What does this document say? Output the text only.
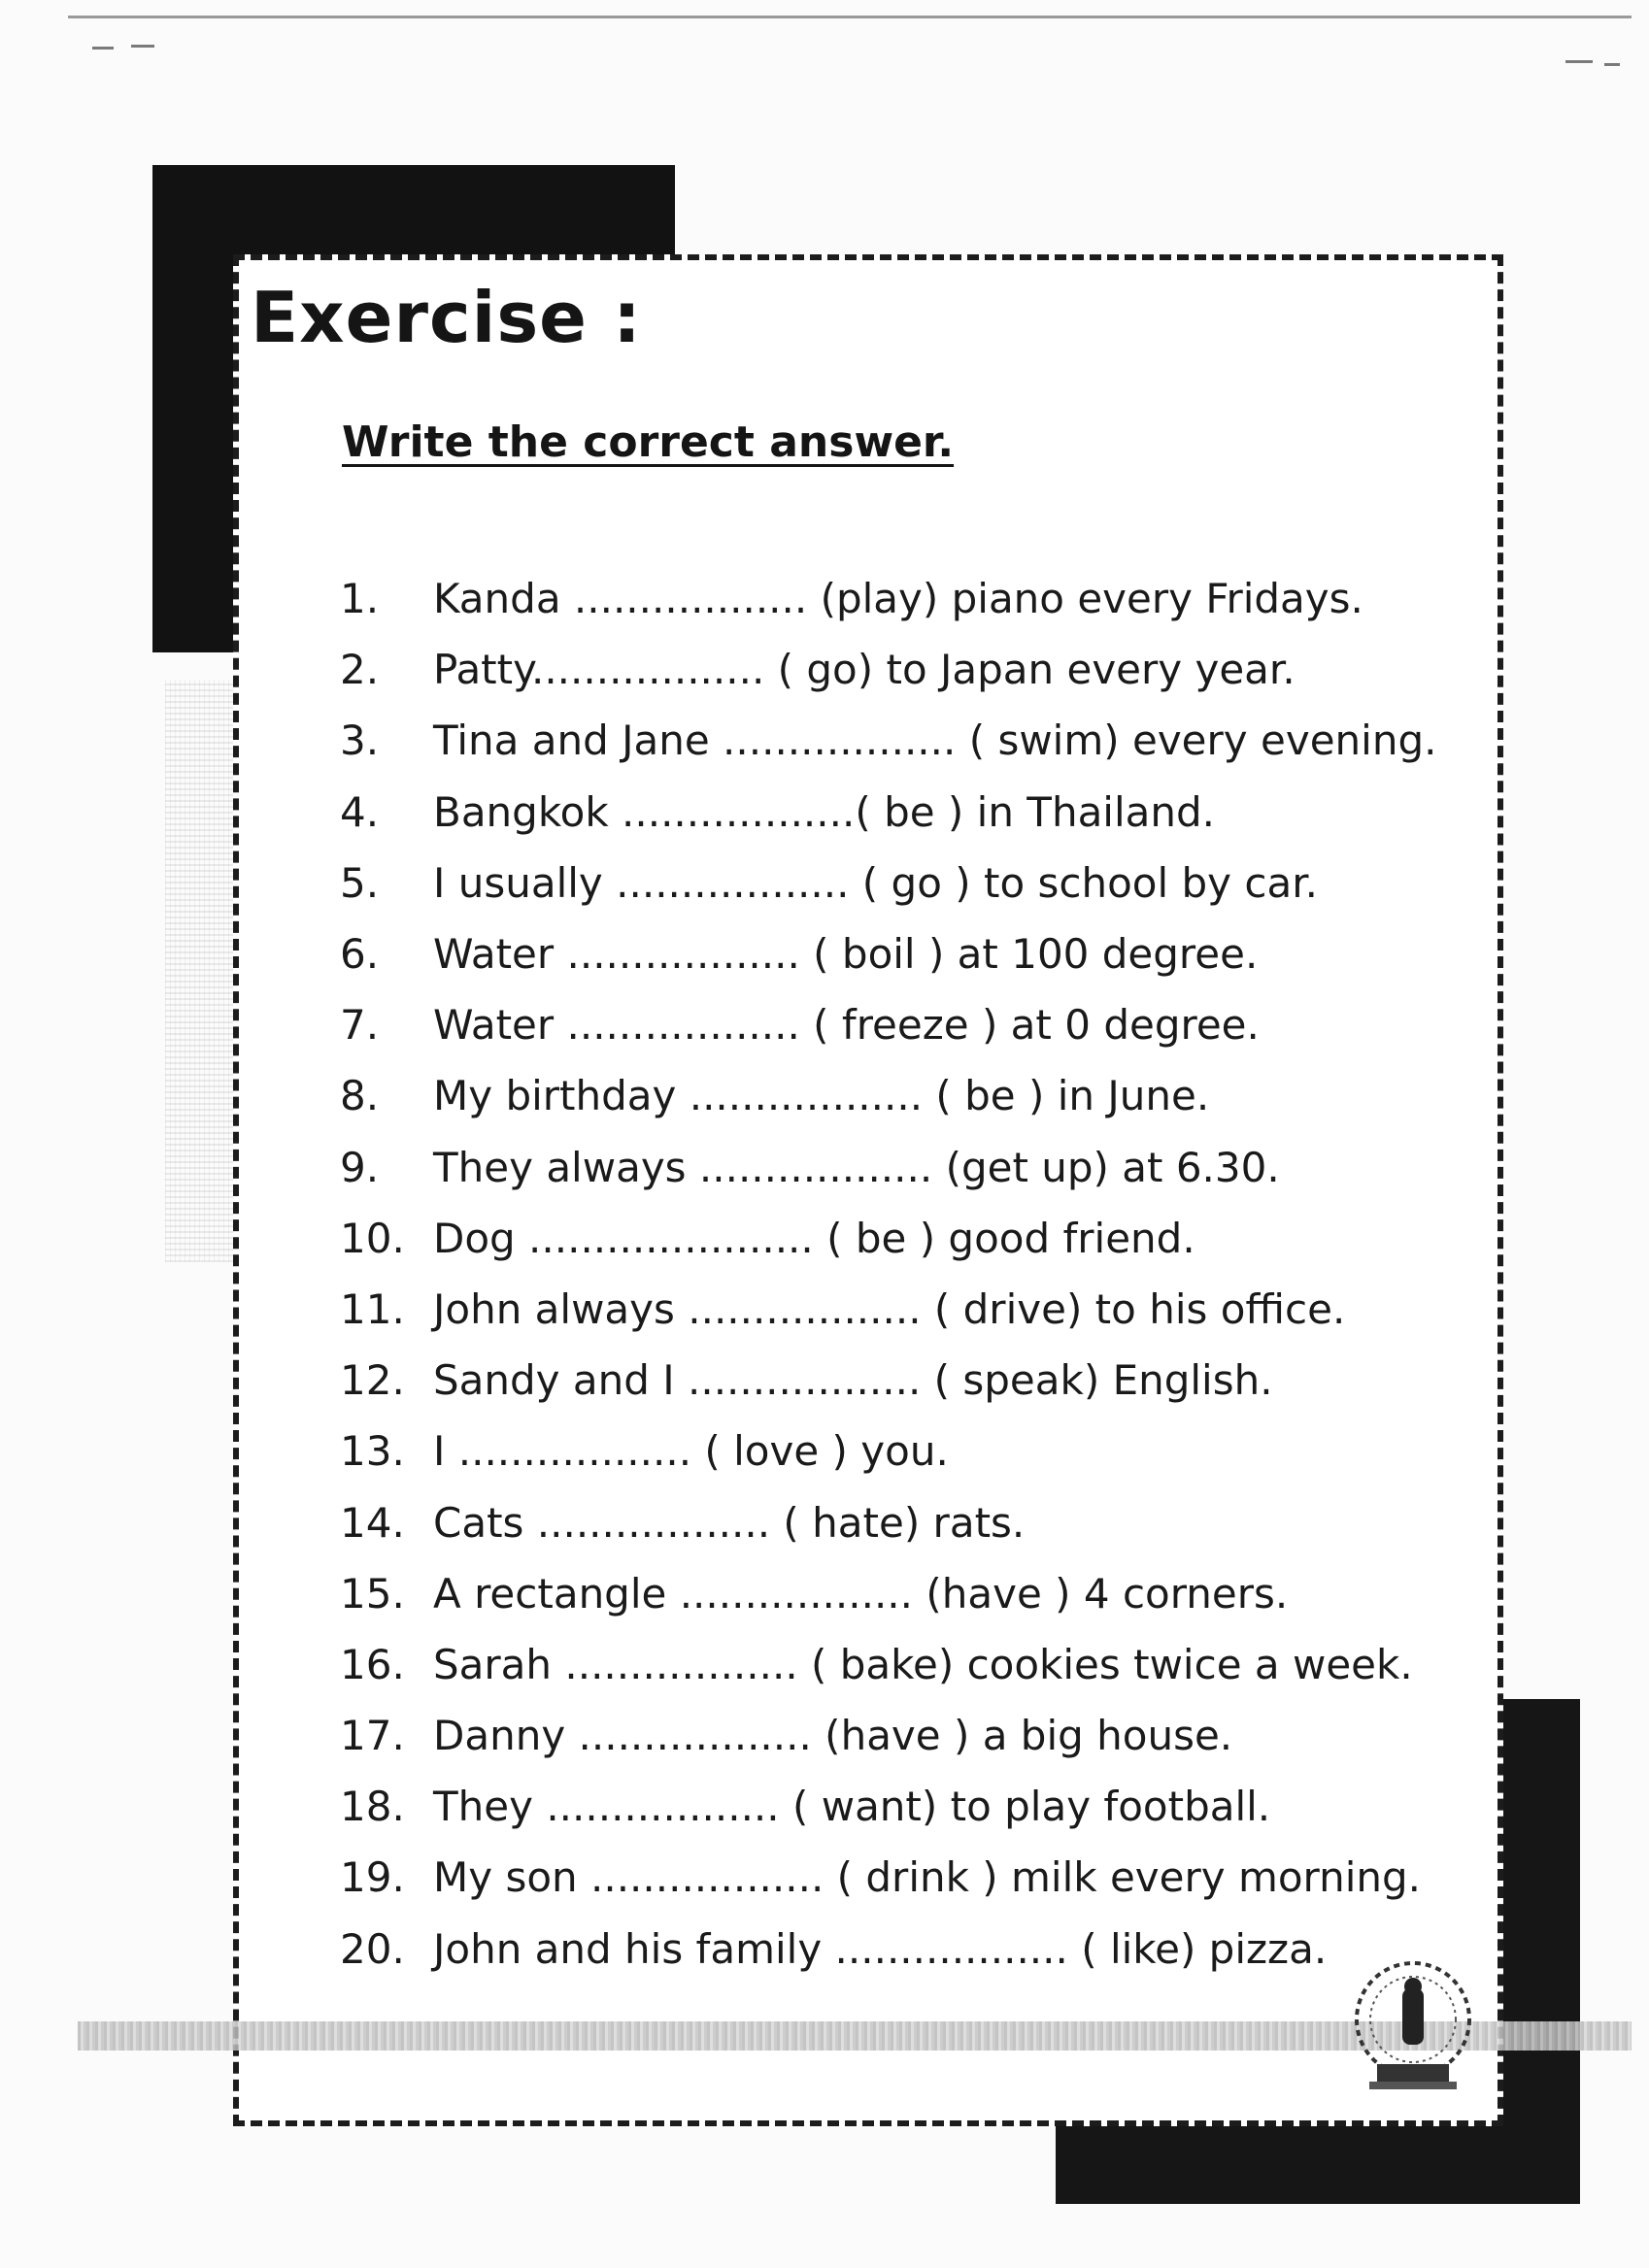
Exercise :
Write the correct answer.
1.	Kanda .................. (play) piano every Fridays.
2.	Patty.................. ( go) to Japan every year.
3.	Tina and Jane .................. ( swim) every evening.
4.	Bangkok ..................( be ) in Thailand.
5.	I usually .................. ( go ) to school by car.
6.	Water .................. ( boil ) at 100 degree.
7.	Water .................. ( freeze ) at 0 degree.
8.	My birthday .................. ( be ) in June.
9.	They always .................. (get up) at 6.30.
10. Dog ...................... ( be ) good friend.
11. John always .................. ( drive) to his office.
12. Sandy and I .................. ( speak) English.
13. I .................. ( love ) you.
14. Cats .................. ( hate) rats.
15. A rectangle .................. (have ) 4 corners.
16. Sarah .................. ( bake) cookies twice a week.
17. Danny .................. (have ) a big house.
18. They .................. ( want) to play football.
19. My son .................. ( drink ) milk every morning.
20. John and his family .................. ( like) pizza.
